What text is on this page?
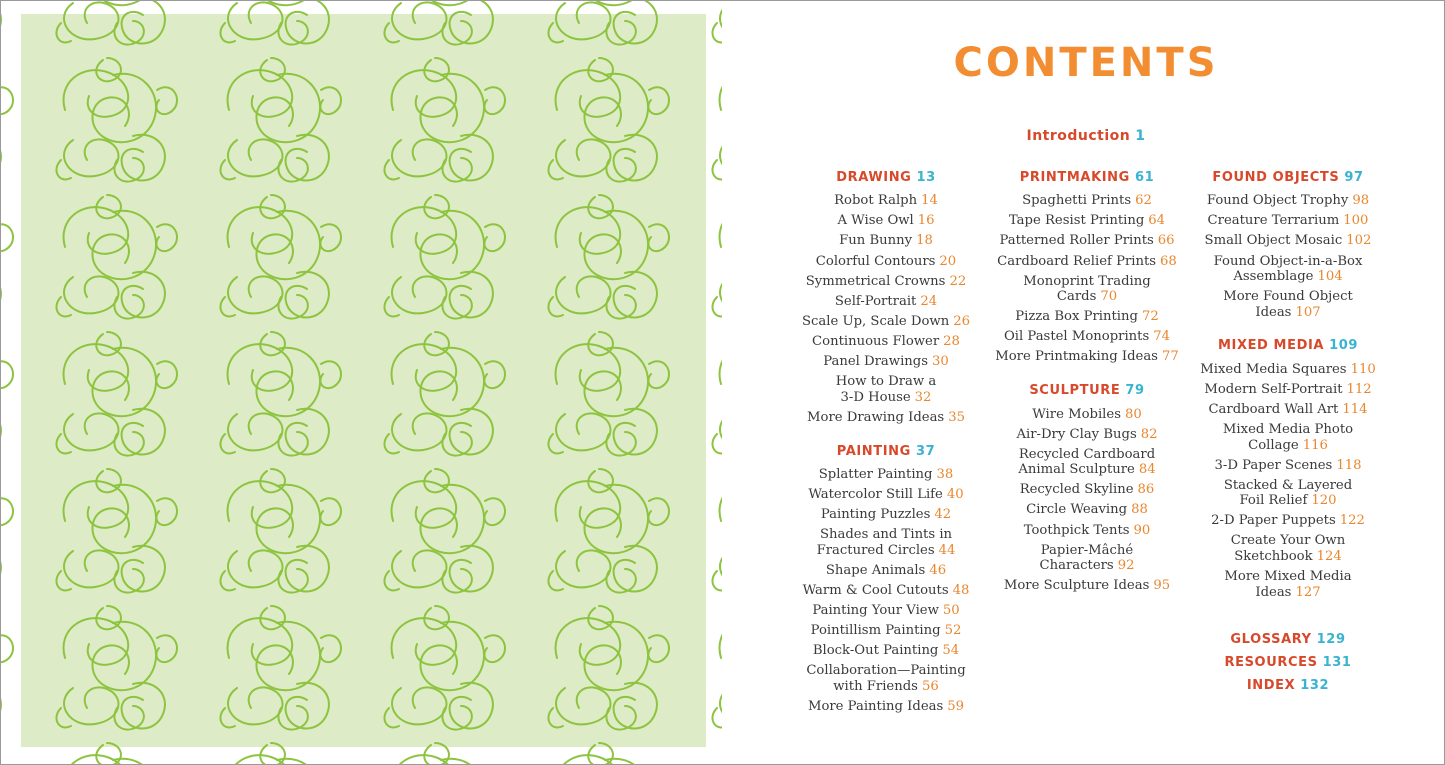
CONTENTS
Introduction 1
DRAWING 13
Robot Ralph 14
A Wise Owl 16
Fun Bunny 18
Colorful Contours 20
Symmetrical Crowns 22
Self-Portrait 24
Scale Up, Scale Down 26
Continuous Flower 28
Panel Drawings 30
How to Draw a
3-D House 32
More Drawing Ideas 35
PAINTING 37
Splatter Painting 38
Watercolor Still Life 40
Painting Puzzles 42
Shades and Tints in
Fractured Circles 44
Shape Animals 46
Warm & Cool Cutouts 48
Painting Your View 50
Pointillism Painting 52
Block-Out Painting 54
Collaboration—Painting
with Friends 56
More Painting Ideas 59
PRINTMAKING 61
Spaghetti Prints 62
Tape Resist Printing 64
Patterned Roller Prints 66
Cardboard Relief Prints 68
Monoprint Trading
Cards 70
Pizza Box Printing 72
Oil Pastel Monoprints 74
More Printmaking Ideas 77
SCULPTURE 79
Wire Mobiles 80
Air-Dry Clay Bugs 82
Recycled Cardboard
Animal Sculpture 84
Recycled Skyline 86
Circle Weaving 88
Toothpick Tents 90
Papier-Mâché
Characters 92
More Sculpture Ideas 95
FOUND OBJECTS 97
Found Object Trophy 98
Creature Terrarium 100
Small Object Mosaic 102
Found Object-in-a-Box
Assemblage 104
More Found Object
Ideas 107
MIXED MEDIA 109
Mixed Media Squares 110
Modern Self-Portrait 112
Cardboard Wall Art 114
Mixed Media Photo
Collage 116
3-D Paper Scenes 118
Stacked & Layered
Foil Relief 120
2-D Paper Puppets 122
Create Your Own
Sketchbook 124
More Mixed Media
Ideas 127
GLOSSARY 129
RESOURCES 131
INDEX 132
